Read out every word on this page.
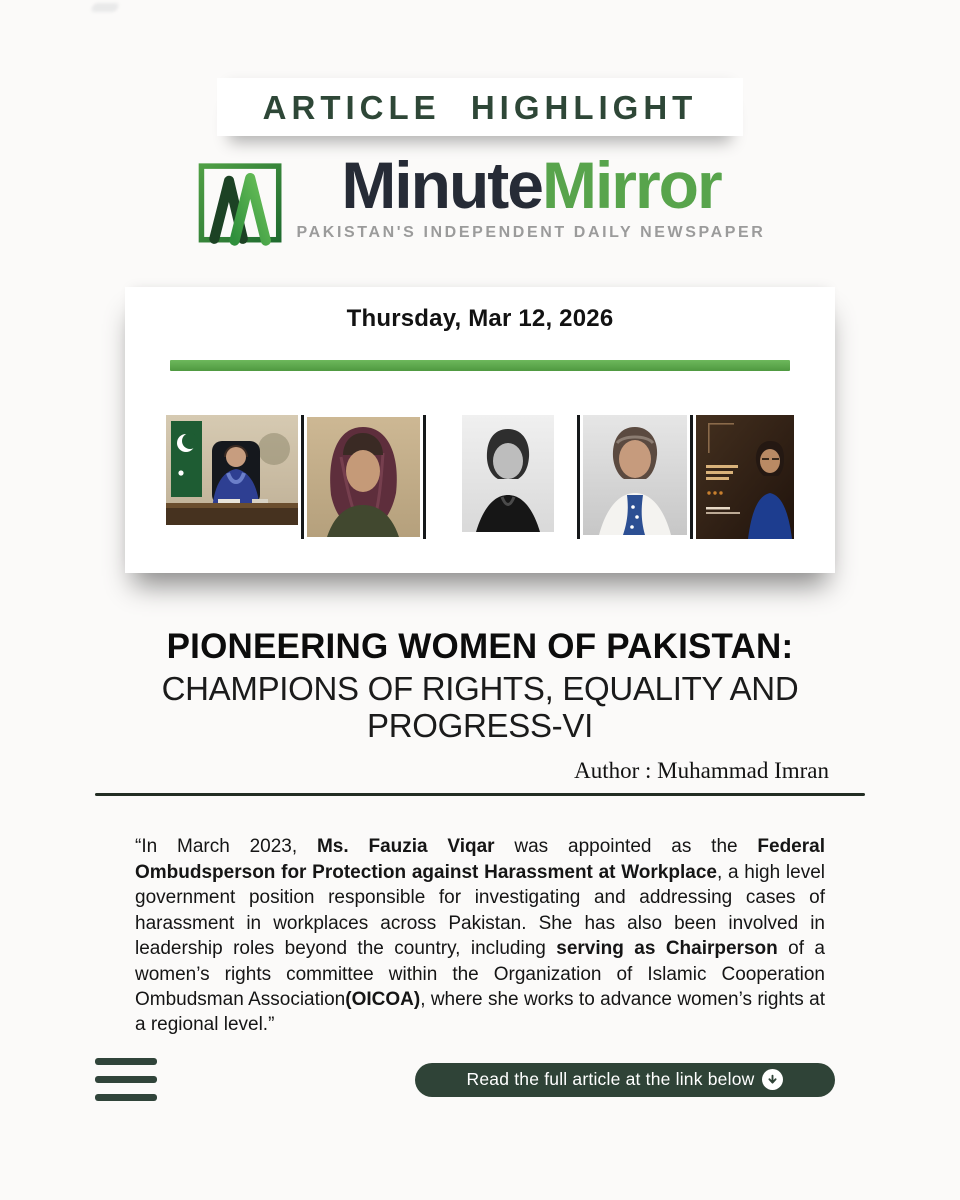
ARTICLE HIGHLIGHT
MinuteMirror
PAKISTAN'S INDEPENDENT DAILY NEWSPAPER
Thursday, Mar 12, 2026
PIONEERING WOMEN OF PAKISTAN:
CHAMPIONS OF RIGHTS, EQUALITY AND PROGRESS-VI
Author : Muhammad Imran

“In March 2023, Ms. Fauzia Viqar was appointed as the Federal Ombudsperson for Protection against Harassment at Workplace, a high level government position responsible for investigating and addressing cases of harassment in workplaces across Pakistan. She has also been involved in leadership roles beyond the country, including serving as Chairperson of a women’s rights committee within the Organization of Islamic Cooperation Ombudsman Association(OICOA), where she works to advance women’s rights at a regional level.”

Read the full article at the link below
